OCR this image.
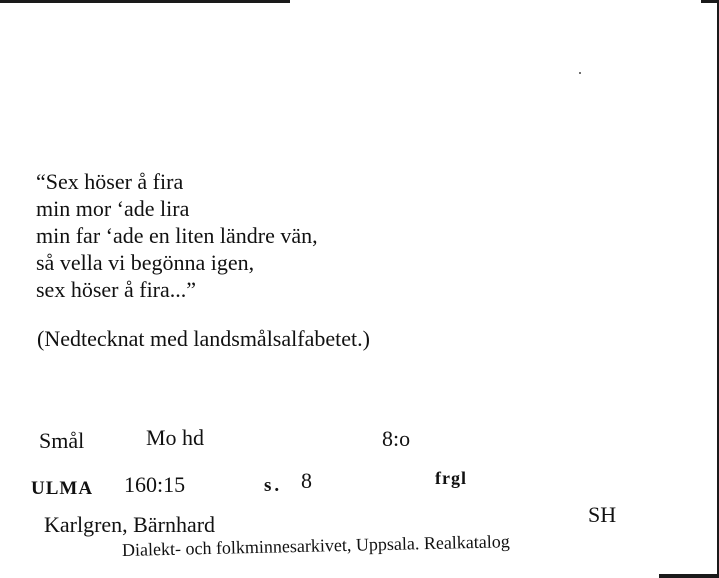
“Sex höser å fira
min mor ‘ade lira
min far ‘ade en liten ländre vän,
så vella vi begönna igen,
sex höser å fira...”
(Nedtecknat med landsmålsalfabetet.)
Smål	Mo hd	8:o
ULMA 160:15	s. 8	frgl
Karlgren, Bärnhard	SH
Dialekt- och folkminnesarkivet, Uppsala. Realkatalog
